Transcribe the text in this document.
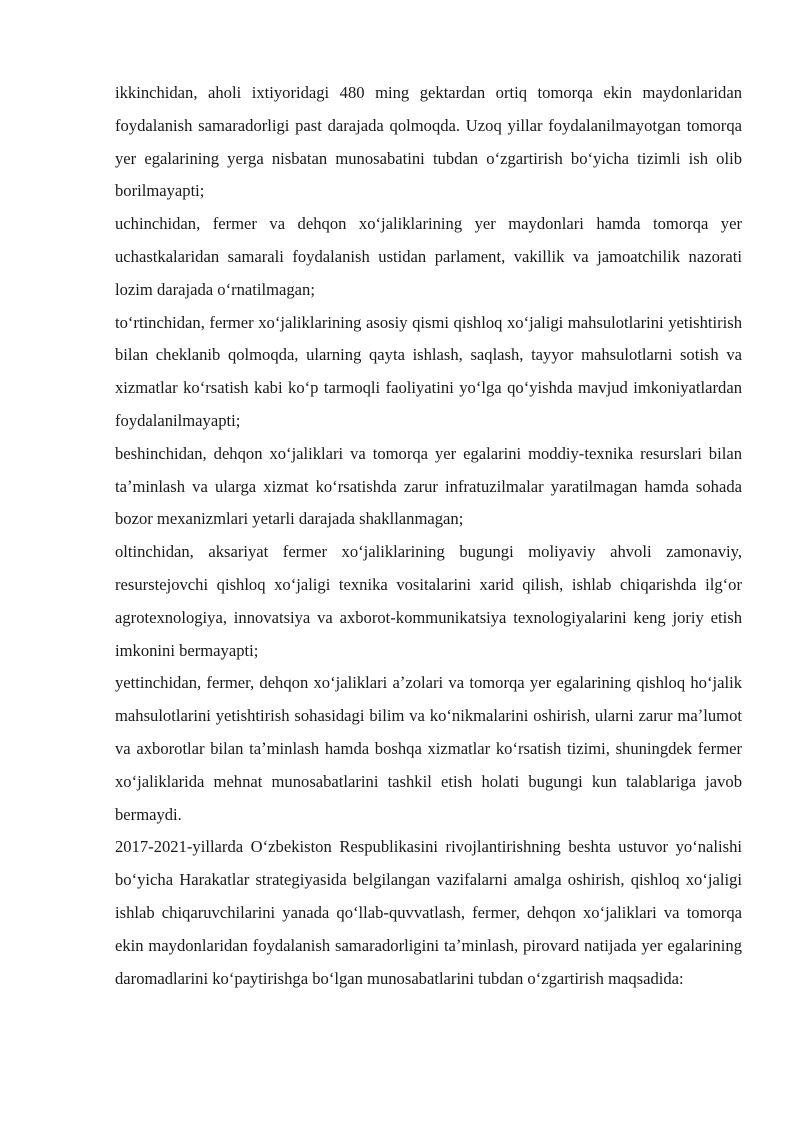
ikkinchidan, aholi ixtiyoridagi 480 ming gektardan ortiq tomorqa ekin maydonlaridan foydalanish samaradorligi past darajada qolmoqda. Uzoq yillar foydalanilmayotgan tomorqa yer egalarining yerga nisbatan munosabatini tubdan oʻzgartirish boʻyicha tizimli ish olib borilmayapti;

uchinchidan, fermer va dehqon xoʻjaliklarining yer maydonlari hamda tomorqa yer uchastkalaridan samarali foydalanish ustidan parlament, vakillik va jamoatchilik nazorati lozim darajada oʻrnatilmagan;

toʻrtinchidan, fermer xoʻjaliklarining asosiy qismi qishloq xoʻjaligi mahsulotlarini yetishtirish bilan cheklanib qolmoqda, ularning qayta ishlash, saqlash, tayyor mahsulotlarni sotish va xizmatlar koʻrsatish kabi koʻp tarmoqli faoliyatini yoʻlga qoʻyishda mavjud imkoniyatlardan foydalanilmayapti;

beshinchidan, dehqon xoʻjaliklari va tomorqa yer egalarini moddiy-texnika resurslari bilan taʼminlash va ularga xizmat koʻrsatishda zarur infratuzilmalar yaratilmagan hamda sohada bozor mexanizmlari yetarli darajada shakllanmagan;

oltinchidan, aksariyat fermer xoʻjaliklarining bugungi moliyaviy ahvoli zamonaviy, resurstejovchi qishloq xoʻjaligi texnika vositalarini xarid qilish, ishlab chiqarishda ilgʻor agrotexnologiya, innovatsiya va axborot-kommunikatsiya texnologiyalarini keng joriy etish imkonini bermayapti;

yettinchidan, fermer, dehqon xoʻjaliklari aʼzolari va tomorqa yer egalarining qishloq hoʻjalik mahsulotlarini yetishtirish sohasidagi bilim va koʻnikmalarini oshirish, ularni zarur maʼlumot va axborotlar bilan taʼminlash hamda boshqa xizmatlar koʻrsatish tizimi, shuningdek fermer xoʻjaliklarida mehnat munosabatlarini tashkil etish holati bugungi kun talablariga javob bermaydi.

2017-2021-yillarda Oʻzbekiston Respublikasini rivojlantirishning beshta ustuvor yoʻnalishi boʻyicha Harakatlar strategiyasida belgilangan vazifalarni amalga oshirish, qishloq xoʻjaligi ishlab chiqaruvchilarini yanada qoʻllab-quvvatlash, fermer, dehqon xoʻjaliklari va tomorqa ekin maydonlaridan foydalanish samaradorligini taʼminlash, pirovard natijada yer egalarining daromadlarini koʻpaytirishga boʻlgan munosabatlarini tubdan oʻzgartirish maqsadida:
